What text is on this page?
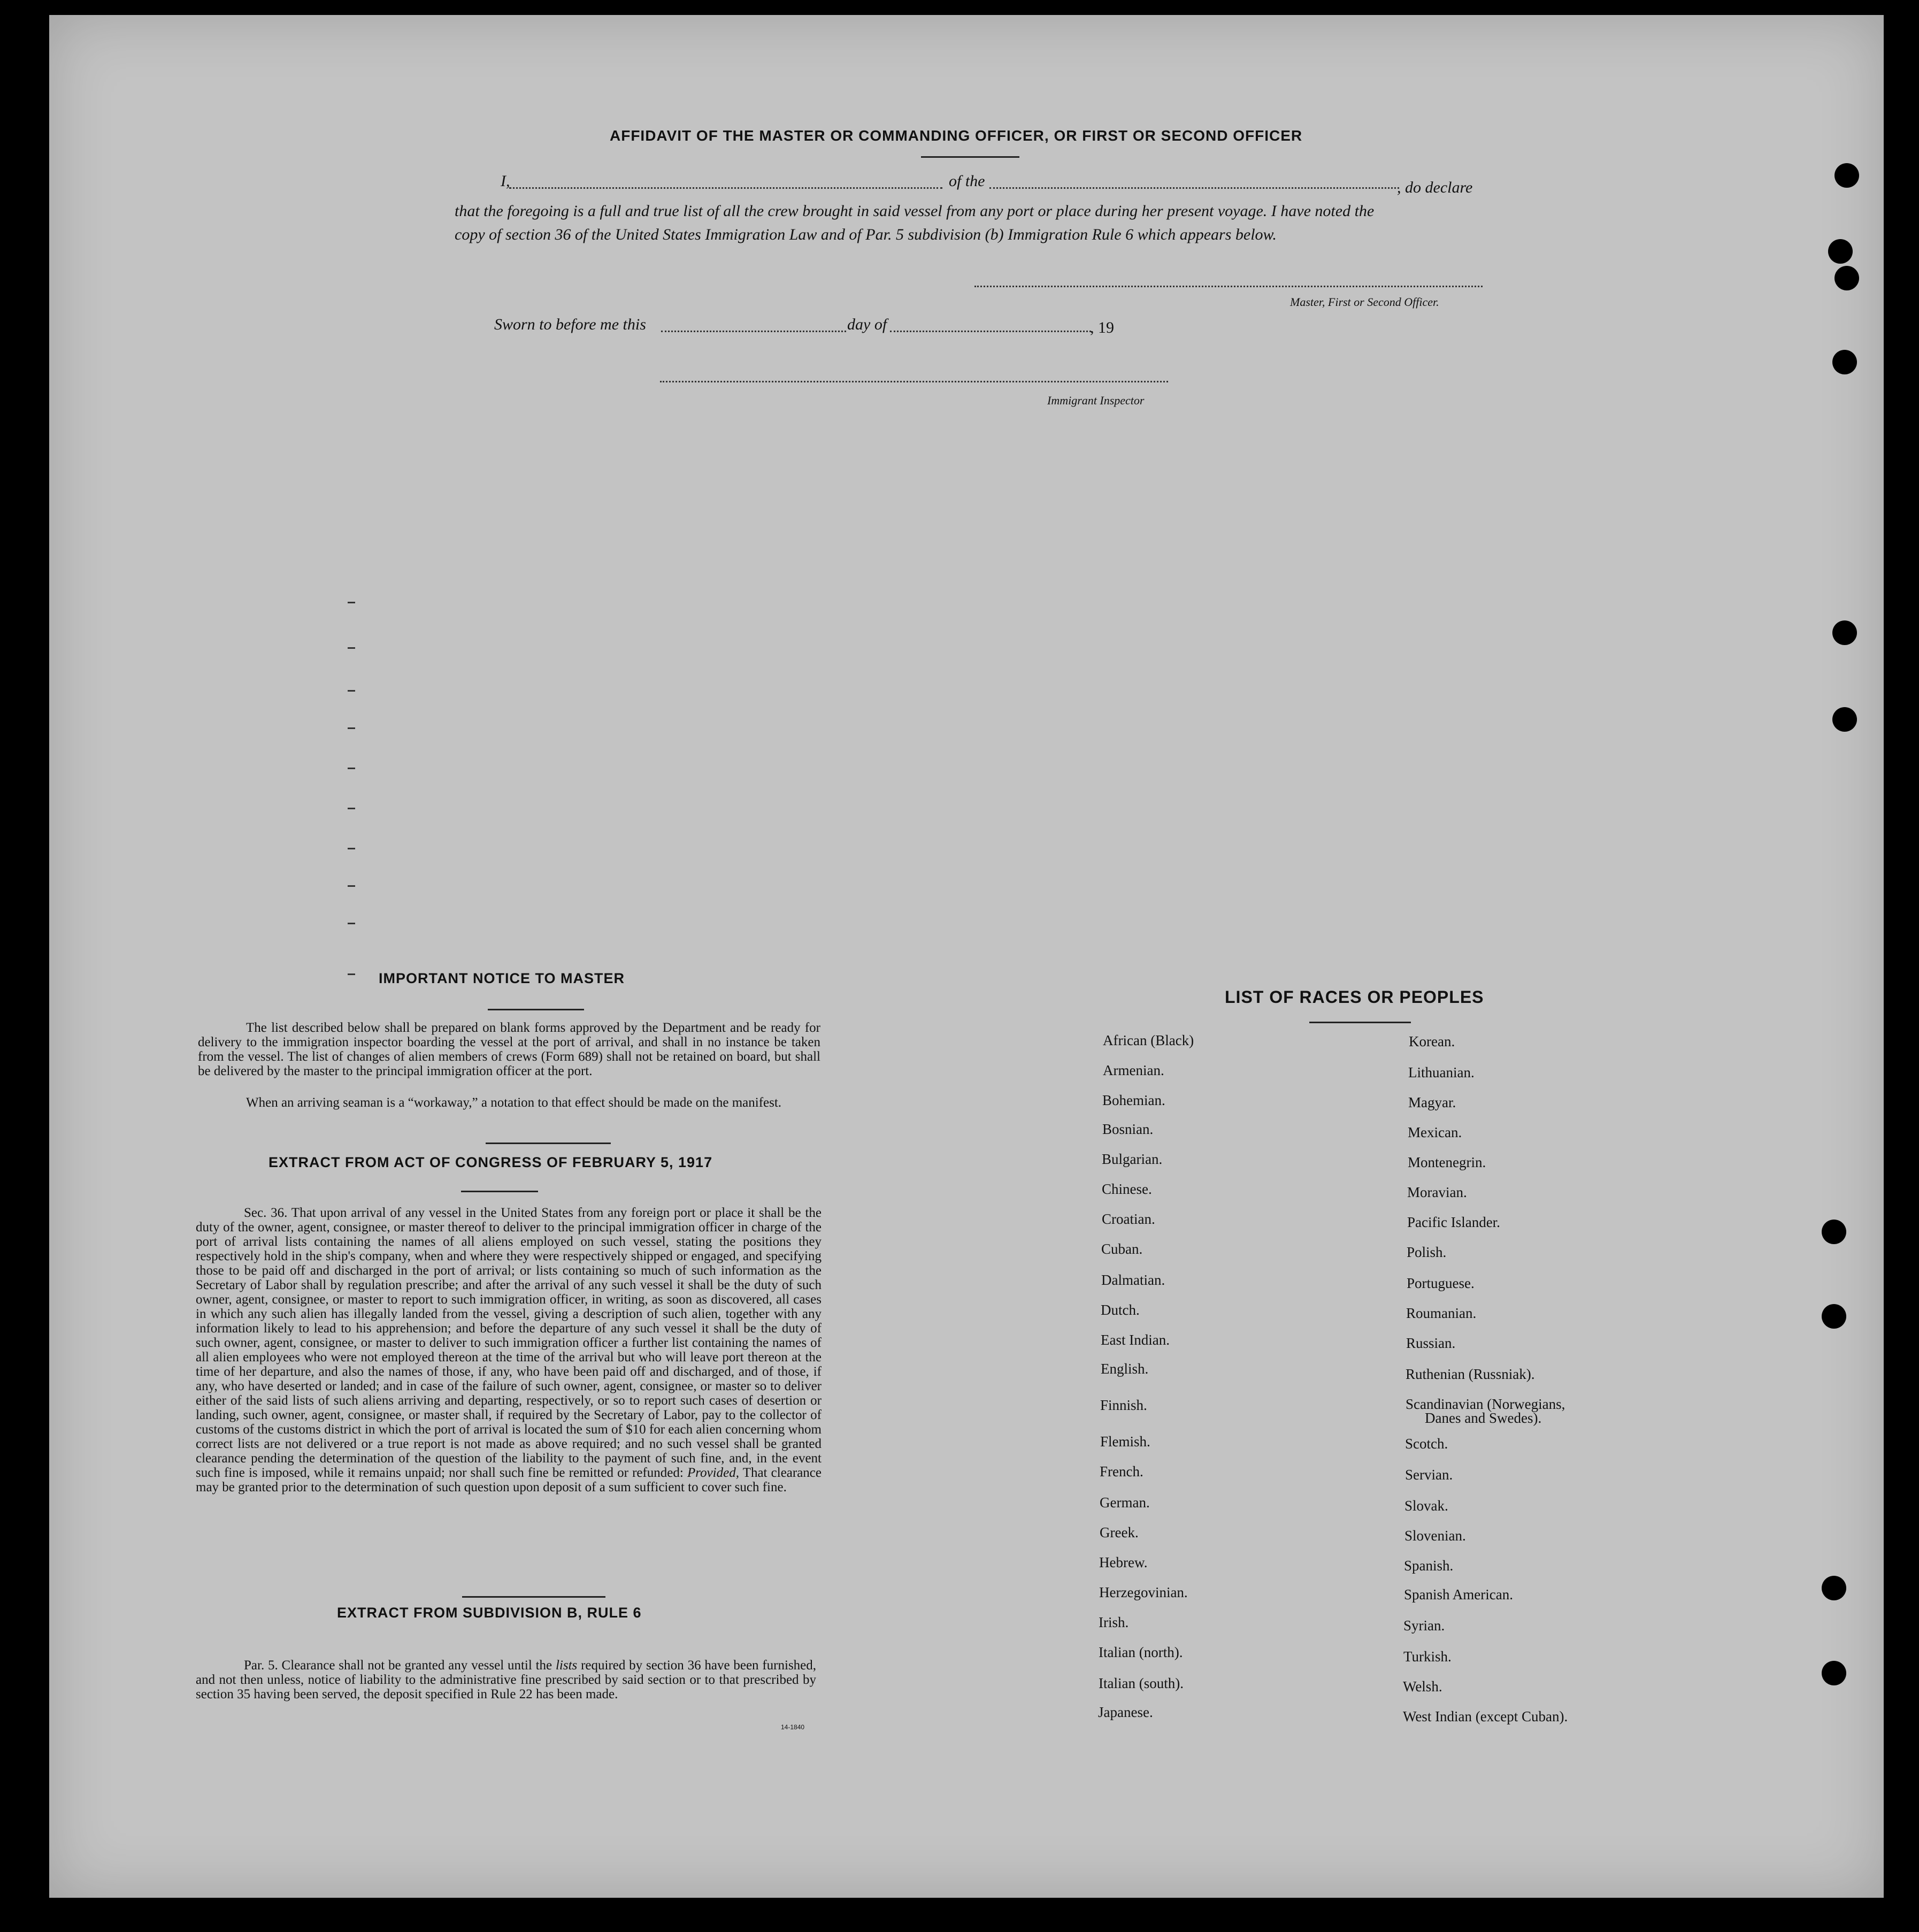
AFFIDAVIT OF THE MASTER OR COMMANDING OFFICER, OR FIRST OR SECOND OFFICER
I,	of the	, do declare
that the foregoing is a full and true list of all the crew brought in said vessel from any port or place during her present voyage. I have noted the
copy of section 36 of the United States Immigration Law and of Par. 5 subdivision (b) Immigration Rule 6 which appears below.
Master, First or Second Officer.
Sworn to before me this	day of	, 19
Immigrant Inspector
IMPORTANT NOTICE TO MASTER
The list described below shall be prepared on blank forms approved by the Department and be ready for delivery to the immigration inspector boarding the vessel at the port of arrival, and shall in no instance be taken from the vessel. The list of changes of alien members of crews (Form 689) shall not be retained on board, but shall be delivered by the master to the principal immigration officer at the port.
When an arriving seaman is a “workaway,” a notation to that effect should be made on the manifest.
EXTRACT FROM ACT OF CONGRESS OF FEBRUARY 5, 1917
Sec. 36. That upon arrival of any vessel in the United States from any foreign port or place it shall be the duty of the owner, agent, consignee, or master thereof to deliver to the principal immigration officer in charge of the port of arrival lists containing the names of all aliens employed on such vessel, stating the positions they respectively hold in the ship's company, when and where they were respectively shipped or engaged, and specifying those to be paid off and discharged in the port of arrival; or lists containing so much of such information as the Secretary of Labor shall by regulation prescribe; and after the arrival of any such vessel it shall be the duty of such owner, agent, consignee, or master to report to such immigration officer, in writing, as soon as discovered, all cases in which any such alien has illegally landed from the vessel, giving a description of such alien, together with any information likely to lead to his apprehension; and before the departure of any such vessel it shall be the duty of such owner, agent, consignee, or master to deliver to such immigration officer a further list containing the names of all alien employees who were not employed thereon at the time of the arrival but who will leave port thereon at the time of her departure, and also the names of those, if any, who have been paid off and discharged, and of those, if any, who have deserted or landed; and in case of the failure of such owner, agent, consignee, or master so to deliver either of the said lists of such aliens arriving and departing, respectively, or so to report such cases of desertion or landing, such owner, agent, consignee, or master shall, if required by the Secretary of Labor, pay to the collector of customs of the customs district in which the port of arrival is located the sum of $10 for each alien concerning whom correct lists are not delivered or a true report is not made as above required; and no such vessel shall be granted clearance pending the determination of the question of the liability to the payment of such fine, and, in the event such fine is imposed, while it remains unpaid; nor shall such fine be remitted or refunded: Provided, That clearance may be granted prior to the determination of such question upon deposit of a sum sufficient to cover such fine.
EXTRACT FROM SUBDIVISION B, RULE 6
Par. 5. Clearance shall not be granted any vessel until the lists required by section 36 have been furnished, and not then unless, notice of liability to the administrative fine prescribed by said section or to that prescribed by section 35 having been served, the deposit specified in Rule 22 has been made.
14-1840
LIST OF RACES OR PEOPLES
African (Black)
Armenian.
Bohemian.
Bosnian.
Bulgarian.
Chinese.
Croatian.
Cuban.
Dalmatian.
Dutch.
East Indian.
English.
Finnish.
Flemish.
French.
German.
Greek.
Hebrew.
Herzegovinian.
Irish.
Italian (north).
Italian (south).
Japanese.
Korean.
Lithuanian.
Magyar.
Mexican.
Montenegrin.
Moravian.
Pacific Islander.
Polish.
Portuguese.
Roumanian.
Russian.
Ruthenian (Russniak).
Scandinavian (Norwegians,
Scotch.
Servian.
Slovak.
Slovenian.
Spanish.
Spanish American.
Syrian.
Turkish.
Welsh.
West Indian (except Cuban).
Danes and Swedes).
